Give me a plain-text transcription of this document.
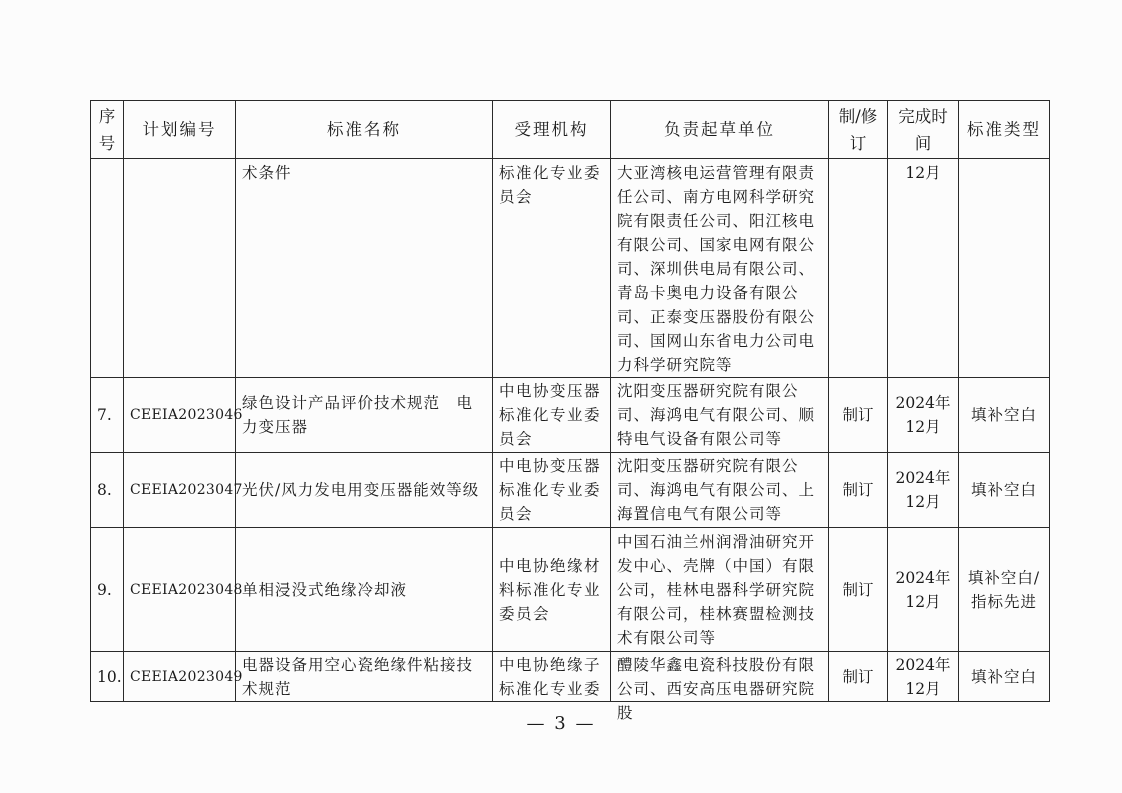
序号	计划编号	标准名称	受理机构	负责起草单位	制/修订	完成时间	标准类型
		术条件	标准化专业委员会	大亚湾核电运营管理有限责任公司、南方电网科学研究院有限责任公司、阳江核电有限公司、国家电网有限公司、深圳供电局有限公司、青岛卡奥电力设备有限公司、正泰变压器股份有限公司、国网山东省电力公司电力科学研究院等		12月	
7.	CEEIA2023046	绿色设计产品评价技术规范　电力变压器	中电协变压器标准化专业委员会	沈阳变压器研究院有限公司、海鸿电气有限公司、顺特电气设备有限公司等	制订	2024年12月	填补空白
8.	CEEIA2023047	光伏/风力发电用变压器能效等级	中电协变压器标准化专业委员会	沈阳变压器研究院有限公司、海鸿电气有限公司、上海置信电气有限公司等	制订	2024年12月	填补空白
9.	CEEIA2023048	单相浸没式绝缘冷却液	中电协绝缘材料标准化专业委员会	中国石油兰州润滑油研究开发中心、壳牌（中国）有限公司，桂林电器科学研究院有限公司，桂林赛盟检测技术有限公司等	制订	2024年12月	填补空白/指标先进
10.	CEEIA2023049	电器设备用空心瓷绝缘件粘接技术规范	中电协绝缘子标准化专业委	醴陵华鑫电瓷科技股份有限公司、西安高压电器研究院股	制订	2024年12月	填补空白
— 3 —
